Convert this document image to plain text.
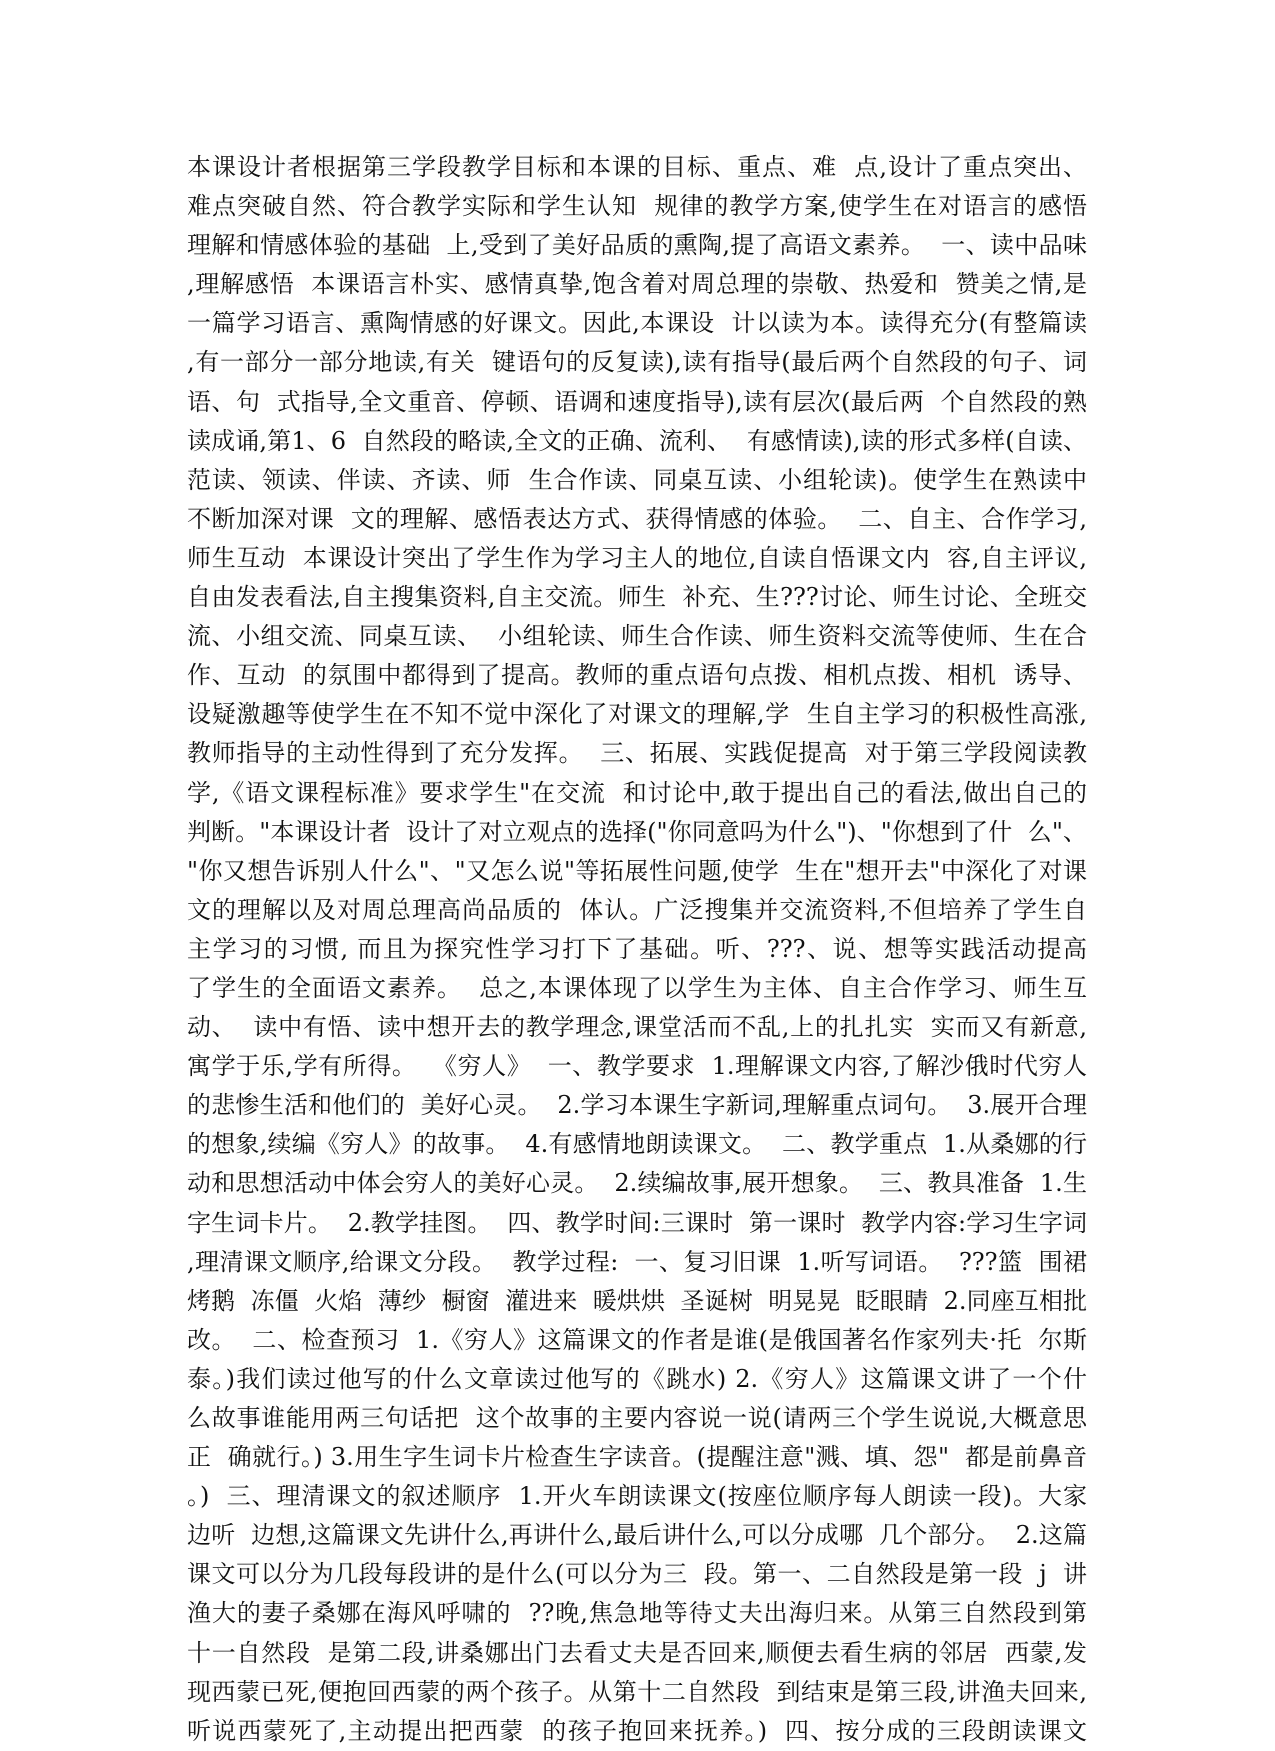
本课设计者根据第三学段教学目标和本课的目标、重点、难  点,设计了重点突出、
难点突破自然、符合教学实际和学生认知  规律的教学方案,使学生在对语言的感悟
理解和情感体验的基础  上,受到了美好品质的熏陶,提了高语文素养。  一、读中品味
,理解感悟  本课语言朴实、感情真挚,饱含着对周总理的崇敬、热爱和  赞美之情,是
一篇学习语言、熏陶情感的好课文。因此,本课设  计以读为本。读得充分(有整篇读
,有一部分一部分地读,有关  键语句的反复读),读有指导(最后两个自然段的句子、词
语、句  式指导,全文重音、停顿、语调和速度指导),读有层次(最后两  个自然段的熟
读成诵,第1、6  自然段的略读,全文的正确、流利、  有感情读),读的形式多样(自读、
范读、领读、伴读、齐读、师  生合作读、同桌互读、小组轮读)。使学生在熟读中
不断加深对课  文的理解、感悟表达方式、获得情感的体验。  二、自主、合作学习,
师生互动  本课设计突出了学生作为学习主人的地位,自读自悟课文内  容,自主评议,
自由发表看法,自主搜集资料,自主交流。师生  补充、生???讨论、师生讨论、全班交
流、小组交流、同桌互读、  小组轮读、师生合作读、师生资料交流等使师、生在合
作、互动  的氛围中都得到了提高。教师的重点语句点拨、相机点拨、相机  诱导、
设疑激趣等使学生在不知不觉中深化了对课文的理解,学  生自主学习的积极性高涨,
教师指导的主动性得到了充分发挥。  三、拓展、实践促提高  对于第三学段阅读教
学,《语文课程标准》要求学生"在交流  和讨论中,敢于提出自己的看法,做出自己的
判断。"本课设计者  设计了对立观点的选择("你同意吗为什么")、"你想到了什  么"、
"你又想告诉别人什么"、"又怎么说"等拓展性问题,使学  生在"想开去"中深化了对课
文的理解以及对周总理高尚品质的  体认。广泛搜集并交流资料,不但培养了学生自
主学习的习惯, 而且为探究性学习打下了基础。听、???、说、想等实践活动提高
了学生的全面语文素养。  总之,本课体现了以学生为主体、自主合作学习、师生互
动、  读中有悟、读中想开去的教学理念,课堂活而不乱,上的扎扎实  实而又有新意,
寓学于乐,学有所得。  《穷人》  一、教学要求  1.理解课文内容,了解沙俄时代穷人
的悲惨生活和他们的  美好心灵。  2.学习本课生字新词,理解重点词句。  3.展开合理
的想象,续编《穷人》的故事。  4.有感情地朗读课文。  二、教学重点  1.从桑娜的行
动和思想活动中体会穷人的美好心灵。  2.续编故事,展开想象。  三、教具准备  1.生
字生词卡片。  2.教学挂图。  四、教学时间:三课时  第一课时  教学内容:学习生字词
,理清课文顺序,给课文分段。  教学过程:  一、复习旧课  1.听写词语。  ???篮  围裙
烤鹅  冻僵  火焰  薄纱  橱窗  灌进来  暖烘烘  圣诞树  明晃晃  眨眼睛  2.同座互相批
改。  二、检查预习  1.《穷人》这篇课文的作者是谁(是俄国著名作家列夫·托  尔斯
泰。)我们读过他写的什么文章读过他写的《跳水) 2.《穷人》这篇课文讲了一个什
么故事谁能用两三句话把  这个故事的主要内容说一说(请两三个学生说说,大概意思
正  确就行。) 3.用生字生词卡片检查生字读音。(提醒注意"溅、填、怨"  都是前鼻音
。)  三、理清课文的叙述顺序  1.开火车朗读课文(按座位顺序每人朗读一段)。大家
边听  边想,这篇课文先讲什么,再讲什么,最后讲什么,可以分成哪  几个部分。  2.这篇
课文可以分为几段每段讲的是什么(可以分为三  段。第一、二自然段是第一段  j  讲
渔大的妻子桑娜在海风呼啸的  ??晚,焦急地等待丈夫出海归来。从第三自然段到第
十一自然段  是第二段,讲桑娜出门去看丈夫是否回来,顺便去看生病的邻居  西蒙,发
现西蒙已死,便抱回西蒙的两个孩子。从第十二自然段  到结束是第三段,讲渔夫回来,
听说西蒙死了,主动提出把西蒙  的孩子抱回来抚养。)  四、按分成的三段朗读课文
